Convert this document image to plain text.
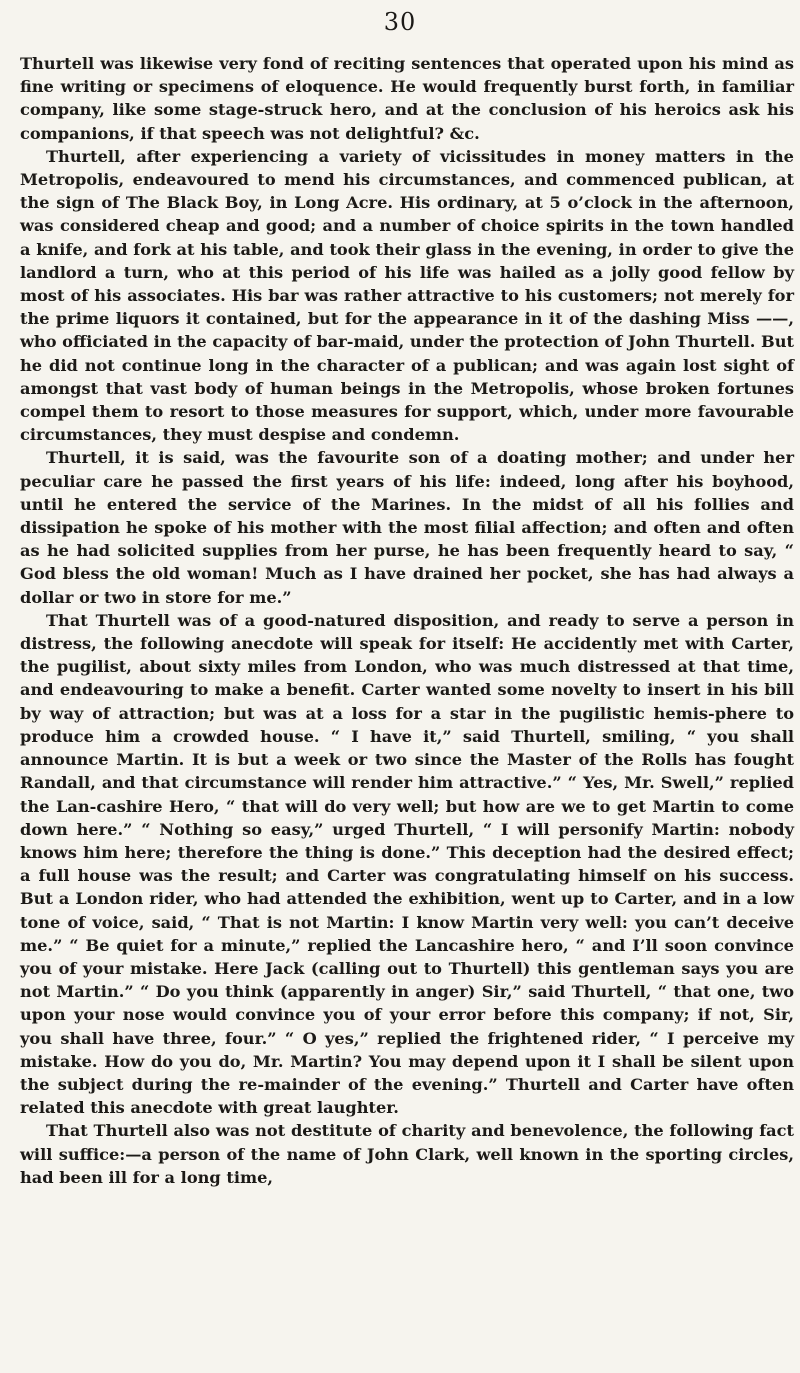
30

Thurtell was likewise very fond of reciting sentences that operated upon his mind as fine writing or specimens of eloquence. He would frequently burst forth, in familiar company, like some stage-struck hero, and at the conclusion of his heroics ask his companions, if that speech was not delightful? &c.

Thurtell, after experiencing a variety of vicissitudes in money matters in the Metropolis, endeavoured to mend his circumstances, and commenced publican, at the sign of The Black Boy, in Long Acre. His ordinary, at 5 o’clock in the afternoon, was considered cheap and good; and a number of choice spirits in the town handled a knife, and fork at his table, and took their glass in the evening, in order to give the landlord a turn, who at this period of his life was hailed as a jolly good fellow by most of his associates. His bar was rather attractive to his customers; not merely for the prime liquors it contained, but for the appearance in it of the dashing Miss ——, who officiated in the capacity of bar-maid, under the protection of John Thurtell. But he did not continue long in the character of a publican; and was again lost sight of amongst that vast body of human beings in the Metropolis, whose broken fortunes compel them to resort to those measures for support, which, under more favourable circumstances, they must despise and condemn.

Thurtell, it is said, was the favourite son of a doating mother; and under her peculiar care he passed the first years of his life: indeed, long after his boyhood, until he entered the service of the Marines. In the midst of all his follies and dissipation he spoke of his mother with the most filial affection; and often and often as he had solicited supplies from her purse, he has been frequently heard to say, “ God bless the old woman! Much as I have drained her pocket, she has had always a dollar or two in store for me.”

That Thurtell was of a good-natured disposition, and ready to serve a person in distress, the following anecdote will speak for itself: He accidently met with Carter, the pugilist, about sixty miles from London, who was much distressed at that time, and endeavouring to make a benefit. Carter wanted some novelty to insert in his bill by way of attraction; but was at a loss for a star in the pugilistic hemis-phere to produce him a crowded house. “ I have it,” said Thurtell, smiling, “ you shall announce Martin. It is but a week or two since the Master of the Rolls has fought Randall, and that circumstance will render him attractive.” “ Yes, Mr. Swell,” replied the Lan-cashire Hero, “ that will do very well; but how are we to get Martin to come down here.” “ Nothing so easy,” urged Thurtell, “ I will personify Martin: nobody knows him here; therefore the thing is done.” This deception had the desired effect; a full house was the result; and Carter was congratulating himself on his success. But a London rider, who had attended the exhibition, went up to Carter, and in a low tone of voice, said, “ That is not Martin: I know Martin very well: you can’t deceive me.” “ Be quiet for a minute,” replied the Lancashire hero, “ and I’ll soon convince you of your mistake. Here Jack (calling out to Thurtell) this gentleman says you are not Martin.” “ Do you think (apparently in anger) Sir,” said Thurtell, “ that one, two upon your nose would convince you of your error before this company; if not, Sir, you shall have three, four.” “ O yes,” replied the frightened rider, “ I perceive my mistake. How do you do, Mr. Martin? You may depend upon it I shall be silent upon the subject during the re-mainder of the evening.” Thurtell and Carter have often related this anecdote with great laughter.

That Thurtell also was not destitute of charity and benevolence, the following fact will suffice:—a person of the name of John Clark, well known in the sporting circles, had been ill for a long time,
